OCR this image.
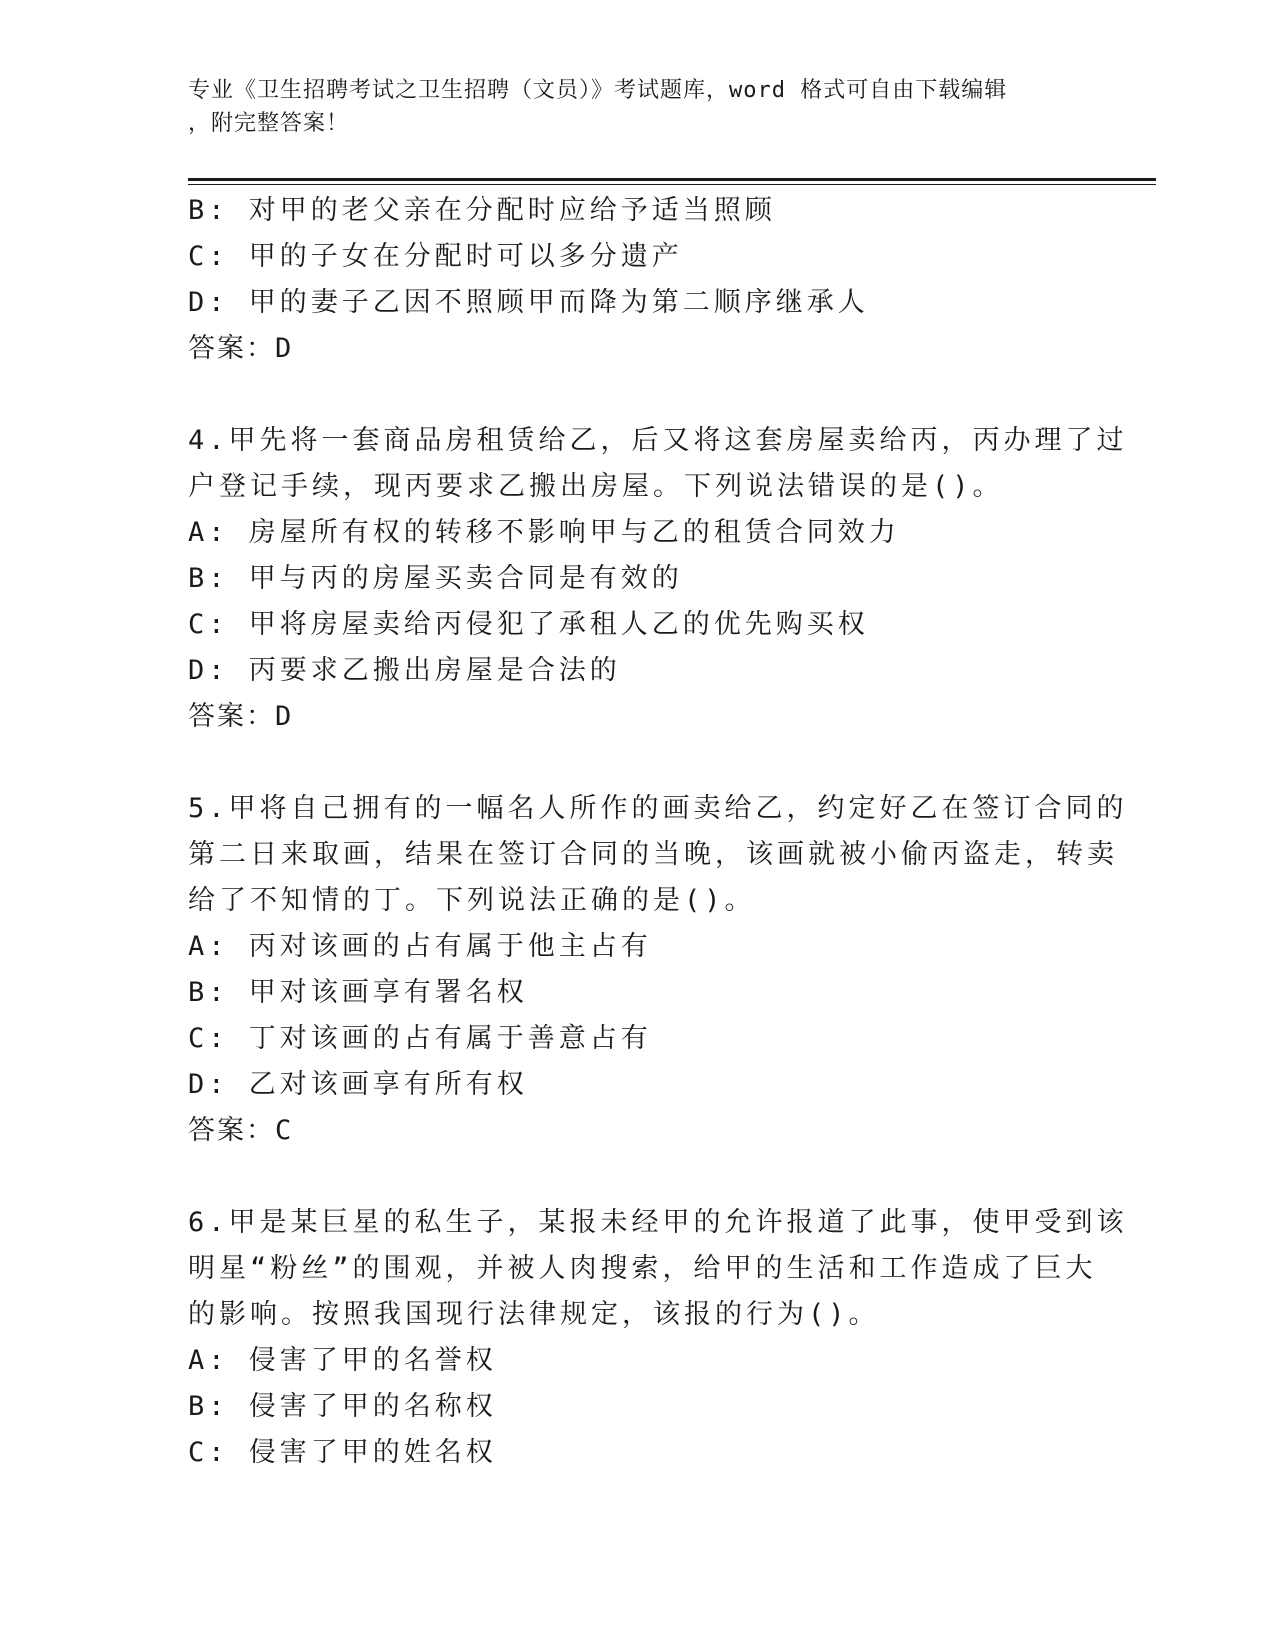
专业《卫生招聘考试之卫生招聘（文员）》考试题库，word 格式可自由下载编辑
，附完整答案！
B: 对甲的老父亲在分配时应给予适当照顾
C: 甲的子女在分配时可以多分遗产
D: 甲的妻子乙因不照顾甲而降为第二顺序继承人
答案：D
4.甲先将一套商品房租赁给乙，后又将这套房屋卖给丙，丙办理了过
户登记手续，现丙要求乙搬出房屋。下列说法错误的是()。
A: 房屋所有权的转移不影响甲与乙的租赁合同效力
B: 甲与丙的房屋买卖合同是有效的
C: 甲将房屋卖给丙侵犯了承租人乙的优先购买权
D: 丙要求乙搬出房屋是合法的
答案：D
5.甲将自己拥有的一幅名人所作的画卖给乙，约定好乙在签订合同的
第二日来取画，结果在签订合同的当晚，该画就被小偷丙盗走，转卖
给了不知情的丁。下列说法正确的是()。
A: 丙对该画的占有属于他主占有
B: 甲对该画享有署名权
C: 丁对该画的占有属于善意占有
D: 乙对该画享有所有权
答案：C
6.甲是某巨星的私生子，某报未经甲的允许报道了此事，使甲受到该
明星“粉丝”的围观，并被人肉搜索，给甲的生活和工作造成了巨大
的影响。按照我国现行法律规定，该报的行为()。
A: 侵害了甲的名誉权
B: 侵害了甲的名称权
C: 侵害了甲的姓名权
